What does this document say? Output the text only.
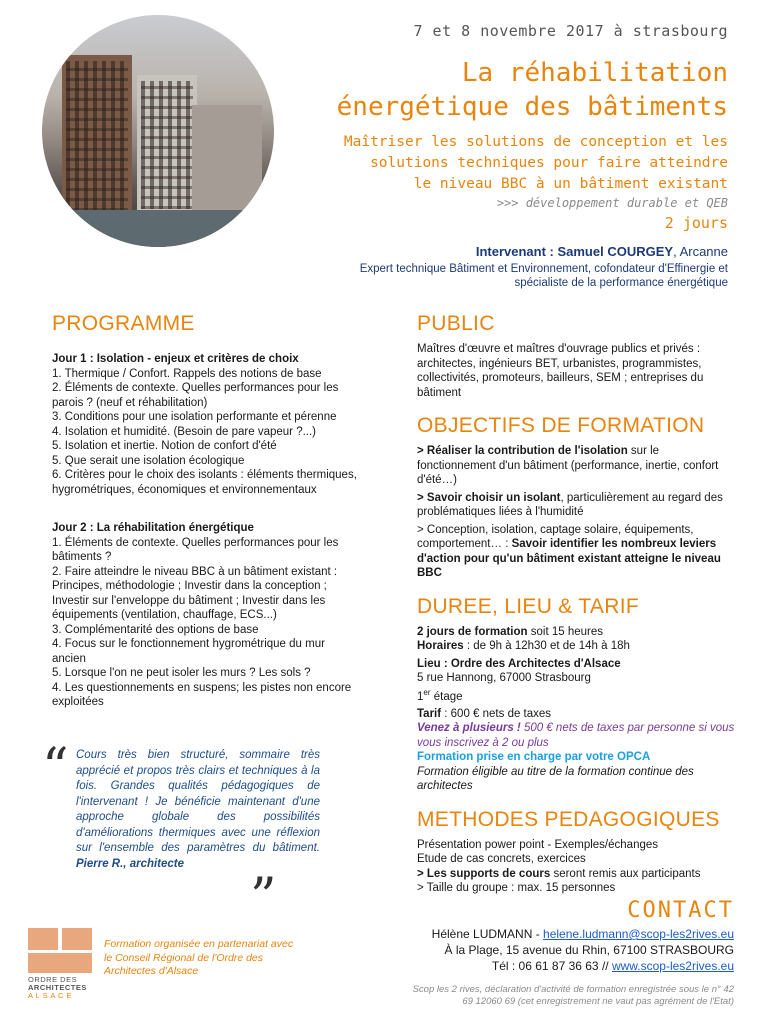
7 et 8 novembre 2017 à strasbourg
La réhabilitation
énergétique des bâtiments
Maîtriser les solutions de conception et les
solutions techniques pour faire atteindre
le niveau BBC à un bâtiment existant
>>> développement durable et QEB
2 jours
Intervenant : Samuel COURGEY, Arcanne
Expert technique Bâtiment et Environnement, cofondateur d'Effinergie et
spécialiste de la performance énergétique
PROGRAMME
Jour 1 : Isolation - enjeux et critères de choix
1. Thermique / Confort. Rappels des notions de base
2. Éléments de contexte. Quelles performances pour les parois ? (neuf et réhabilitation)
3. Conditions pour une isolation performante et pérenne
4. Isolation et humidité. (Besoin de pare vapeur ?...)
5. Isolation et inertie. Notion de confort d'été
5. Que serait une isolation écologique
6. Critères pour le choix des isolants : éléments thermiques, hygrométriques, économiques et environnementaux
Jour 2 : La réhabilitation énergétique
1. Éléments de contexte. Quelles performances pour les bâtiments ?
2. Faire atteindre le niveau BBC à un bâtiment existant : Principes, méthodologie ; Investir dans la conception ; Investir sur l'enveloppe du bâtiment ; Investir dans les équipements (ventilation, chauffage, ECS...)
3. Complémentarité des options de base
4. Focus sur le fonctionnement hygrométrique du mur ancien
5. Lorsque l'on ne peut isoler les murs ? Les sols ?
4. Les questionnements en suspens; les pistes non encore exploitées
“ Cours très bien structuré, sommaire très apprécié et propos très clairs et techniques à la fois. Grandes qualités pédagogiques de l'intervenant ! Je bénéficie maintenant d'une approche globale des possibilités d'améliorations thermiques avec une réflexion sur l'ensemble des paramètres du bâtiment. Pierre R., architecte
”
PUBLIC
Maîtres d'œuvre et maîtres d'ouvrage publics et privés : architectes, ingénieurs BET, urbanistes, programmistes, collectivités, promoteurs, bailleurs, SEM ; entreprises du bâtiment
OBJECTIFS DE FORMATION

> Réaliser la contribution de l'isolation sur le fonctionnement d'un bâtiment (performance, inertie, confort d'été…)

> Savoir choisir un isolant, particulièrement au regard des problématiques liées à l'humidité

> Conception, isolation, captage solaire, équipements, comportement… : Savoir identifier les nombreux leviers d'action pour qu'un bâtiment existant atteigne le niveau BBC

DUREE, LIEU & TARIF
2 jours de formation soit 15 heures

Horaires : de 9h à 12h30 et de 14h à 18h

Lieu : Ordre des Architectes d'Alsace
5 rue Hannong, 67000 Strasbourg

1er étage

Tarif : 600 € nets de taxes
Venez à plusieurs ! 500 € nets de taxes par personne si vous vous inscrivez à 2 ou plus
Formation prise en charge par votre OPCA
Formation éligible au titre de la formation continue des architectes
METHODES PEDAGOGIQUES
Présentation power point - Exemples/échanges
Etude de cas concrets, exercices
> Les supports de cours seront remis aux participants
> Taille du groupe : max. 15 personnes
CONTACT
Hélène LUDMANN - helene.ludmann@scop-les2rives.eu
À la Plage, 15 avenue du Rhin, 67100 STRASBOURG
Tél : 06 61 87 36 63 // www.scop-les2rives.eu
Scop les 2 rives, déclaration d'activité de formation enregistrée sous le n° 42
69 12060 69 (cet enregistrement ne vaut pas agrément de l'Etat)
ORDRE DES
ARCHITECTES
A L S A C E
Formation organisée en partenariat avec le Conseil Régional de l'Ordre des Architectes d'Alsace
